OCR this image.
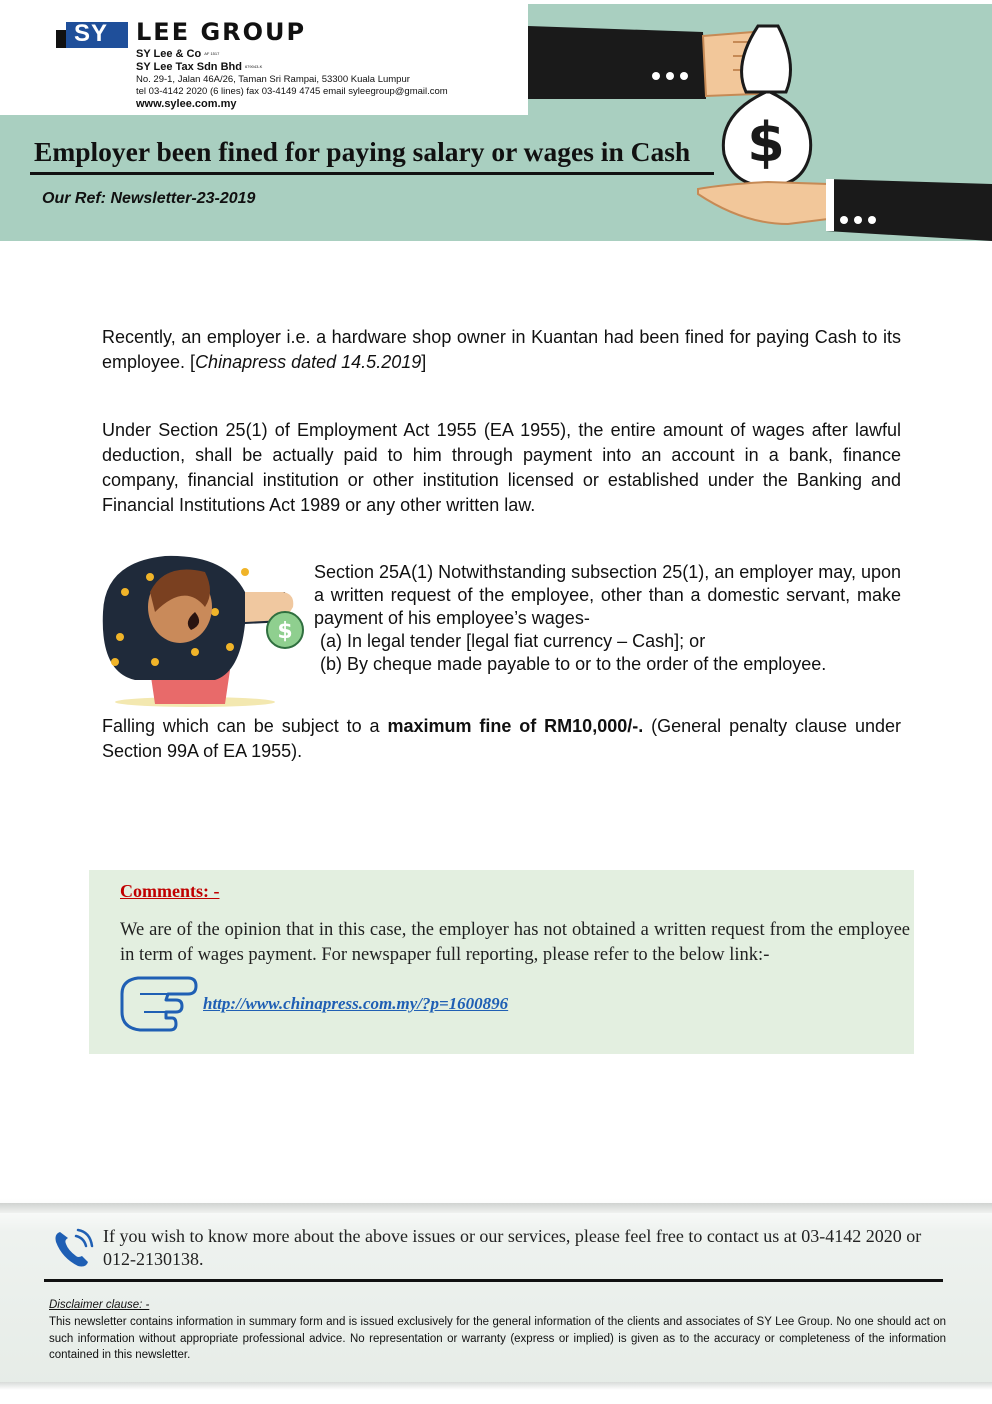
$
SY LEE GROUP
SY Lee & Co AF 1517
SY Lee Tax Sdn Bhd 679043-K
No. 29-1, Jalan 46A/26, Taman Sri Rampai, 53300 Kuala Lumpur
tel 03-4142 2020 (6 lines) fax 03-4149 4745 email syleegroup@gmail.com
www.sylee.com.my
Employer been fined for paying salary or wages in Cash
Our Ref: Newsletter-23-2019
Recently, an employer i.e. a hardware shop owner in Kuantan had been fined for paying Cash to its employee. [Chinapress dated 14.5.2019]
Under Section 25(1) of Employment Act 1955 (EA 1955), the entire amount of wages after lawful deduction, shall be actually paid to him through payment into an account in a bank, finance company, financial institution or other institution licensed or established under the Banking and Financial Institutions Act 1989 or any other written law.
$
Section 25A(1) Notwithstanding subsection 25(1), an employer may, upon a written request of the employee, other than a domestic servant, make payment of his employee’s wages-
(a) In legal tender [legal fiat currency – Cash]; or
(b) By cheque made payable to or to the order of the employee.
Falling which can be subject to a maximum fine of RM10,000/-. (General penalty clause under Section 99A of EA 1955).
Comments: -
We are of the opinion that in this case, the employer has not obtained a written request from the employee in term of wages payment. For newspaper full reporting, please refer to the below link:-
http://www.chinapress.com.my/?p=1600896
If you wish to know more about the above issues or our services, please feel free to contact us at 03-4142 2020 or 012-2130138.
Disclaimer clause: -
This newsletter contains information in summary form and is issued exclusively for the general information of the clients and associates of SY Lee Group. No one should act on such information without appropriate professional advice. No representation or warranty (express or implied) is given as to the accuracy or completeness of the information contained in this newsletter.
